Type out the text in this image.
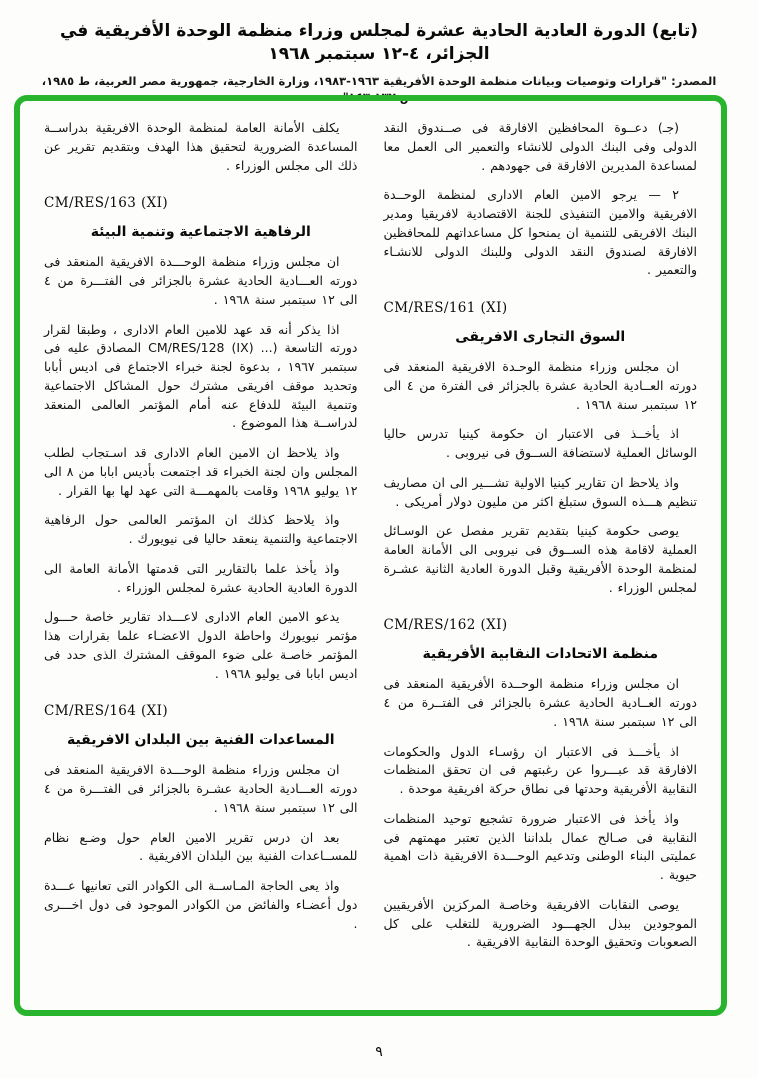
(تابع) الدورة العادية الحادية عشرة لمجلس وزراء منظمة الوحدة الأفريقية في الجزائر، ٤-١٢ سبتمبر ١٩٦٨
المصدر: "قرارات وتوصيات وبيانات منظمة الوحدة الأفريقية ١٩٦٣-١٩٨٣، وزارة الخارجية، جمهورية مصر العربية، ط ١٩٨٥، ص ١٣٢-١٤٣"

(جـ) دعــوة المحافظين الافارقة فى صــندوق النقد الدولى وفى البنك الدولى للانشاء والتعمير الى العمل معا لمساعدة المديرين الافارقة فى جهودهم .

٢ — يرجو الامين العام الادارى لمنظمة الوحــدة الافريقية والامين التنفيذى للجنة الاقتصادية لافريقيا ومدير البنك الافريقى للتنمية ان يمنحوا كل مساعداتهم للمحافظين الافارقة لصندوق النقد الدولى وللبنك الدولى للانشـاء والتعمير .

CM/RES/161 (XI)
السوق التجارى الافريقى

ان مجلس وزراء منظمة الوحـدة الافريقية المنعقد فى دورته العــادية الحادية عشرة بالجزائر فى الفترة من ٤ الى ١٢ سبتمبر سنة ١٩٦٨ .

اذ يأخــذ فى الاعتبار ان حكومة كينيا تدرس حاليا الوسائل العملية لاستضافة الســوق فى نيروبى .

واذ يلاحظ ان تقارير كينيا الاولية تشـــير الى ان مصاريف تنظيم هـــذه السوق ستبلغ اكثر من مليون دولار أمريكى .

يوصى حكومة كينيا بتقديم تقرير مفصل عن الوسـائل العملية لاقامة هذه الســوق فى نيروبى الى الأمانة العامة لمنظمة الوحدة الأفريقية وقبل الدورة العادية الثانية عشـرة لمجلس الوزراء .

CM/RES/162 (XI)
منظمة الاتحادات النقابية الأفريقية

ان مجلس وزراء منظمة الوحــدة الأفريقية المنعقد فى دورته العــادية الحادية عشرة بالجزائر فى الفتــرة من ٤ الى ١٢ سبتمبر سنة ١٩٦٨ .

اذ يأخـــذ فى الاعتبار ان رؤسـاء الدول والحكومات الافارقة قد عبـــروا عن رغبتهم فى ان تحقق المنظمات النقابية الأفريقية وحدتها فى نطاق حركة افريقية موحدة .

واذ يأخذ فى الاعتبار ضرورة تشجيع توحيد المنظمات النقابية فى صـالح عمال بلداننا الذين تعتبر مهمتهم فى عمليتى البناء الوطنى وتدعيم الوحـــدة الافريقية ذات اهمية حيوية .

يوصى النقابات الافريقية وخاصـة المركزين الأفريقيين الموجودين ببذل الجهـــود الضرورية للتغلب على كل الصعوبات وتحقيق الوحدة النقابية الافريقية .

يكلف الأمانة العامة لمنظمة الوحدة الافريقية بدراســة المساعدة الضرورية لتحقيق هذا الهدف وبتقديم تقرير عن ذلك الى مجلس الوزراء .

CM/RES/163 (XI)
الرفاهية الاجتماعية وتنمية البيئة

ان مجلس وزراء منظمة الوحـــدة الافريقية المنعقد فى دورته العـــادية الحادية عشرة بالجزائر فى الفتـــرة من ٤ الى ١٢ سبتمبر سنة ١٩٦٨ .

اذا يذكر أنه قد عهد للامين العام الادارى ، وطبقا لقرار دورته التاسعة (... (CM/RES/128 (IX المصادق عليه فى سبتمبر ١٩٦٧ ، بدعوة لجنة خبراء الاجتماع فى اديس أبابا وتحديد موقف افريقى مشترك حول المشاكل الاجتماعية وتنمية البيئة للدفاع عنه أمام المؤتمر العالمى المنعقد لدراســة هذا الموضوع .

واذ يلاحظ ان الامين العام الادارى قد اسـتجاب لطلب المجلس وان لجنة الخبراء قد اجتمعت بأديس ابابا من ٨ الى ١٢ يوليو ١٩٦٨ وقامت بالمهمـــة التى عهد لها بها القرار .

واذ يلاحظ كذلك ان المؤتمر العالمى حول الرفاهية الاجتماعية والتنمية ينعقد حاليا فى نيويورك .

واذ يأخذ علما بالتقارير التى قدمتها الأمانة العامة الى الدورة العادية الحادية عشرة لمجلس الوزراء .

يدعو الامين العام الادارى لاعـــداد تقارير خاصة حـــول مؤتمر نيويورك واحاطة الدول الاعضـاء علما بقرارات هذا المؤتمر خاصـة على ضوء الموقف المشترك الذى حدد فى اديس ابابا فى يوليو ١٩٦٨ .

CM/RES/164 (XI)
المساعدات الفنية بين البلدان الافريقية

ان مجلس وزراء منظمة الوحـــدة الافريقية المنعقد فى دورته العـــادية الحادية عشـرة بالجزائر فى الفتـــرة من ٤ الى ١٢ سبتمبر سنة ١٩٦٨ .

بعد ان درس تقرير الامين العام حول وضـع نظام للمســاعدات الفنية بين البلدان الافريقية .

واذ يعى الحاجة المـاســة الى الكوادر التى تعانيها عـــدة دول أعضـاء والفائض من الكوادر الموجود فى دول اخـــرى .

٩
